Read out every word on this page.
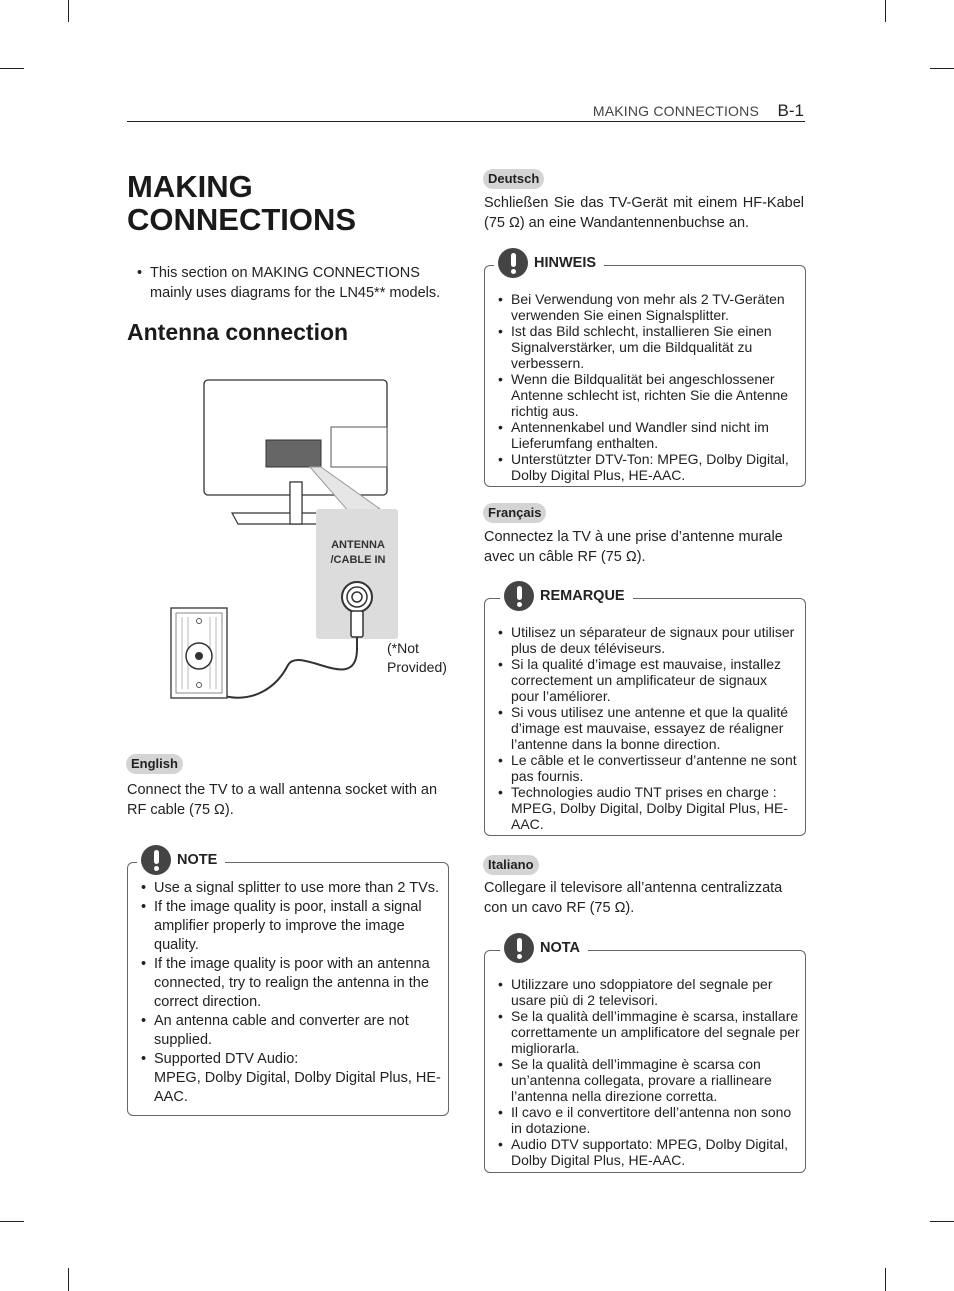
MAKING CONNECTIONS B-1
MAKING
CONNECTIONS
• This section on MAKING CONNECTIONS mainly uses diagrams for the LN45** models.
Antenna connection
ANTENNA
/CABLE IN
(*Not
Provided)
English

Connect the TV to a wall antenna socket with an RF cable (75 Ω).

NOTE
• Use a signal splitter to use more than 2 TVs.
• If the image quality is poor, install a signal amplifier properly to improve the image quality.
• If the image quality is poor with an antenna connected, try to realign the antenna in the correct direction.
• An antenna cable and converter are not supplied.
• Supported DTV Audio:
MPEG, Dolby Digital, Dolby Digital Plus, HE-AAC.
Deutsch

Schließen Sie das TV-Gerät mit einem HF-Kabel (75 Ω) an eine Wandantennenbuchse an.

HINWEIS
• Bei Verwendung von mehr als 2 TV-Geräten verwenden Sie einen Signalsplitter.
• Ist das Bild schlecht, installieren Sie einen Signalverstärker, um die Bildqualität zu verbessern.
• Wenn die Bildqualität bei angeschlossener Antenne schlecht ist, richten Sie die Antenne richtig aus.
• Antennenkabel und Wandler sind nicht im Lieferumfang enthalten.
• Unterstützter DTV-Ton: MPEG, Dolby Digital, Dolby Digital Plus, HE-AAC.
Français

Connectez la TV à une prise d’antenne murale avec un câble RF (75 Ω).

REMARQUE
• Utilisez un séparateur de signaux pour utiliser plus de deux téléviseurs.
• Si la qualité d’image est mauvaise, installez correctement un amplificateur de signaux pour l’améliorer.
• Si vous utilisez une antenne et que la qualité d’image est mauvaise, essayez de réaligner l’antenne dans la bonne direction.
• Le câble et le convertisseur d’antenne ne sont pas fournis.
• Technologies audio TNT prises en charge : MPEG, Dolby Digital, Dolby Digital Plus, HE-AAC.
Italiano

Collegare il televisore all’antenna centralizzata con un cavo RF (75 Ω).

NOTA
• Utilizzare uno sdoppiatore del segnale per usare più di 2 televisori.
• Se la qualità dell’immagine è scarsa, installare correttamente un amplificatore del segnale per migliorarla.
• Se la qualità dell’immagine è scarsa con un’antenna collegata, provare a riallineare l’antenna nella direzione corretta.
• Il cavo e il convertitore dell’antenna non sono in dotazione.
• Audio DTV supportato: MPEG, Dolby Digital, Dolby Digital Plus, HE-AAC.
